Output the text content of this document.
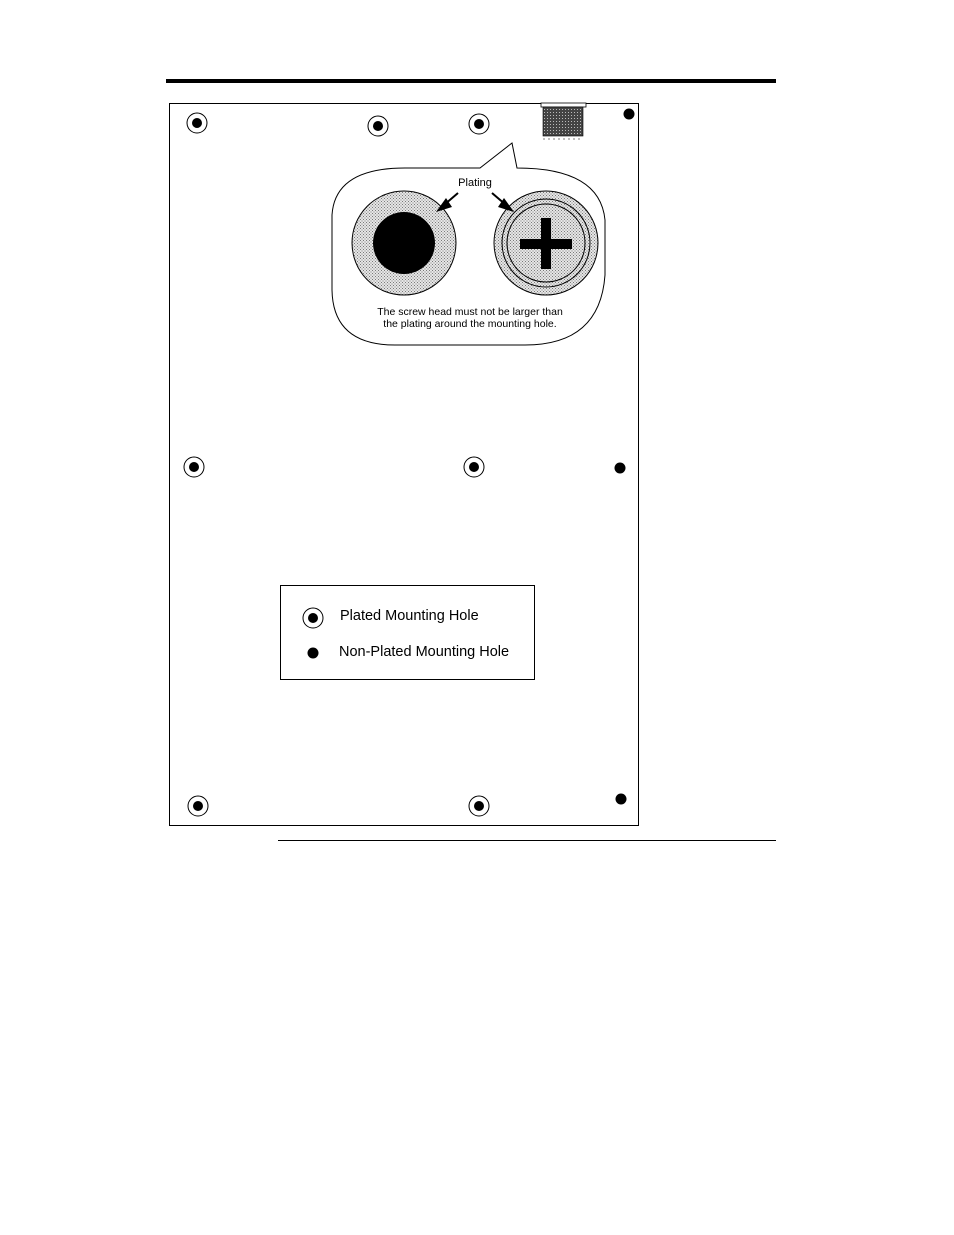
Plating
The screw head must not be larger than
the plating around the mounting hole.
Plated Mounting Hole
Non-Plated Mounting Hole
